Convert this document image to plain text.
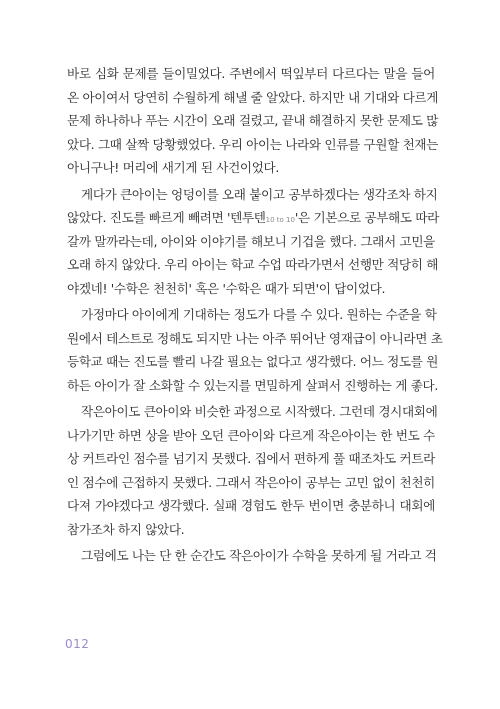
바로 심화 문제를 들이밀었다. 주변에서 떡잎부터 다르다는 말을 들어
온 아이여서 당연히 수월하게 해낼 줄 알았다. 하지만 내 기대와 다르게
문제 하나하나 푸는 시간이 오래 걸렸고, 끝내 해결하지 못한 문제도 많
았다. 그때 살짝 당황했었다. 우리 아이는 나라와 인류를 구원할 천재는
아니구나! 머리에 새기게 된 사건이었다.
게다가 큰아이는 엉덩이를 오래 붙이고 공부하겠다는 생각조차 하지
않았다. 진도를 빠르게 빼려면 '텐투텐10 to 10'은 기본으로 공부해도 따라
갈까 말까라는데, 아이와 이야기를 해보니 기겁을 했다. 그래서 고민을
오래 하지 않았다. 우리 아이는 학교 수업 따라가면서 선행만 적당히 해
야겠네! '수학은 천천히' 혹은 '수학은 때가 되면'이 답이었다.
가정마다 아이에게 기대하는 정도가 다를 수 있다. 원하는 수준을 학
원에서 테스트로 정해도 되지만 나는 아주 뛰어난 영재급이 아니라면 초
등학교 때는 진도를 빨리 나갈 필요는 없다고 생각했다. 어느 정도를 원
하든 아이가 잘 소화할 수 있는지를 면밀하게 살펴서 진행하는 게 좋다.
작은아이도 큰아이와 비슷한 과정으로 시작했다. 그런데 경시대회에
나가기만 하면 상을 받아 오던 큰아이와 다르게 작은아이는 한 번도 수
상 커트라인 점수를 넘기지 못했다. 집에서 편하게 풀 때조차도 커트라
인 점수에 근접하지 못했다. 그래서 작은아이 공부는 고민 없이 천천히
다져 가야겠다고 생각했다. 실패 경험도 한두 번이면 충분하니 대회에
참가조차 하지 않았다.
그럼에도 나는 단 한 순간도 작은아이가 수학을 못하게 될 거라고 걱
012
